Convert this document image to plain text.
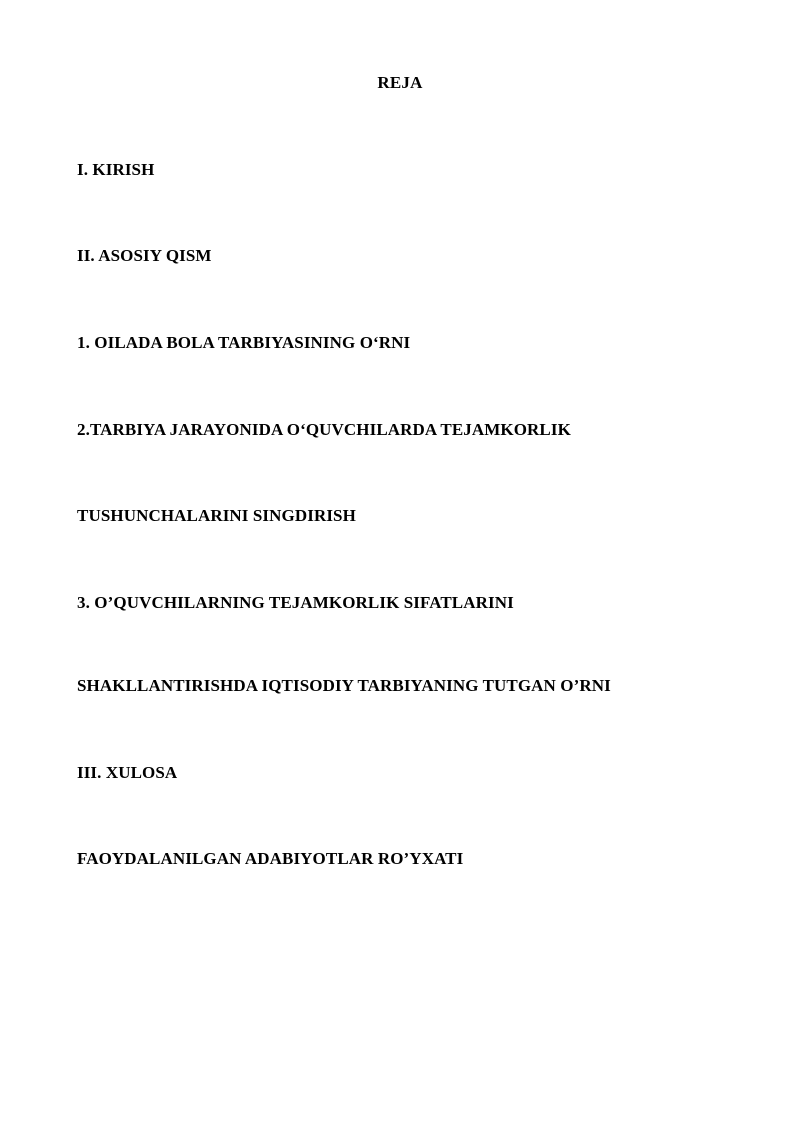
REJA
I. KIRISH
II. ASOSIY QISM
1. OILADA BOLA TARBIYASINING O‘RNI
2.TARBIYA JARAYONIDA O‘QUVCHILARDA TEJAMKORLIK
TUSHUNCHALARINI SINGDIRISH
3. O’QUVCHILARNING TEJAMKORLIK SIFATLARINI
SHAKLLANTIRISHDA IQTISODIY TARBIYANING TUTGAN O’RNI
III. XULOSA
FAOYDALANILGAN ADABIYOTLAR RO’YXATI
